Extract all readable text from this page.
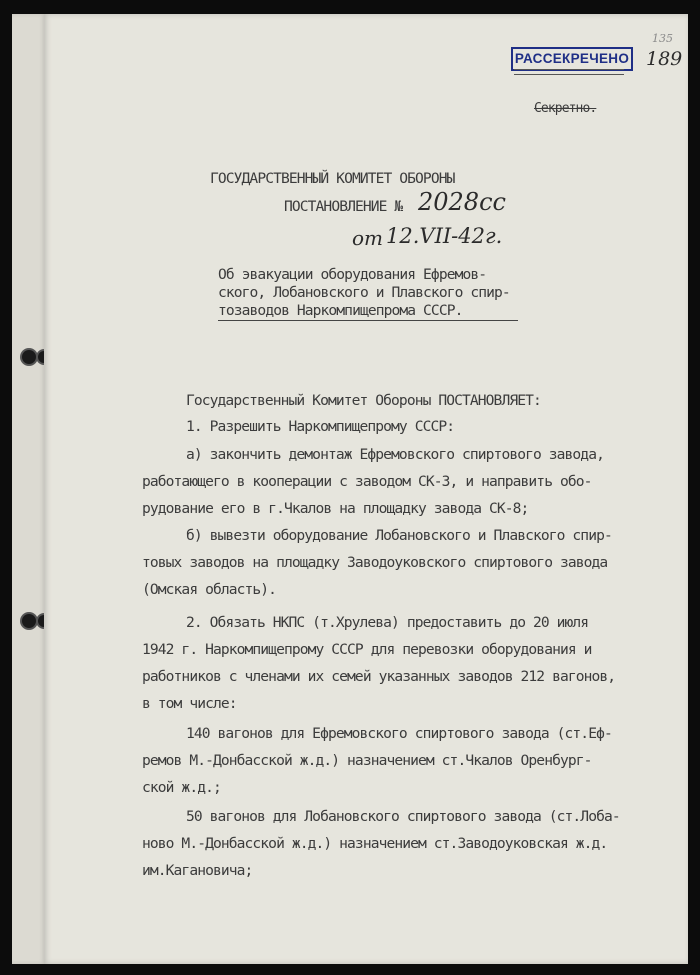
РАССЕКРЕЧЕНО
135
189
Секретно.
ГОСУДАРСТВЕННЫЙ КОМИТЕТ ОБОРОНЫ
ПОСТАНОВЛЕНИЕ № 2028сс
от 12.VII-42г.
Об эвакуации оборудования Ефремов-
ского, Лобановского и Плавского спир-
тозаводов Наркомпищепрома СССР.
Государственный Комитет Обороны ПОСТАНОВЛЯЕТ:
1. Разрешить Наркомпищепрому СССР:
а) закончить демонтаж Ефремовского спиртового завода,
работающего в кооперации с заводом СК-3, и направить обо-
рудование его в г.Чкалов на площадку завода СК-8;
б) вывезти оборудование Лобановского и Плавского спир-
товых заводов на площадку Заводоуковского спиртового завода
(Омская область).
2. Обязать НКПС (т.Хрулева) предоставить до 20 июля
1942 г. Наркомпищепрому СССР для перевозки оборудования и
работников с членами их семей указанных заводов 212 вагонов,
в том числе:
140 вагонов для Ефремовского спиртового завода (ст.Еф-
ремов М.-Донбасской ж.д.) назначением ст.Чкалов Оренбург-
ской ж.д.;
50 вагонов для Лобановского спиртового завода (ст.Лоба-
ново М.-Донбасской ж.д.) назначением ст.Заводоуковская ж.д.
им.Кагановича;
